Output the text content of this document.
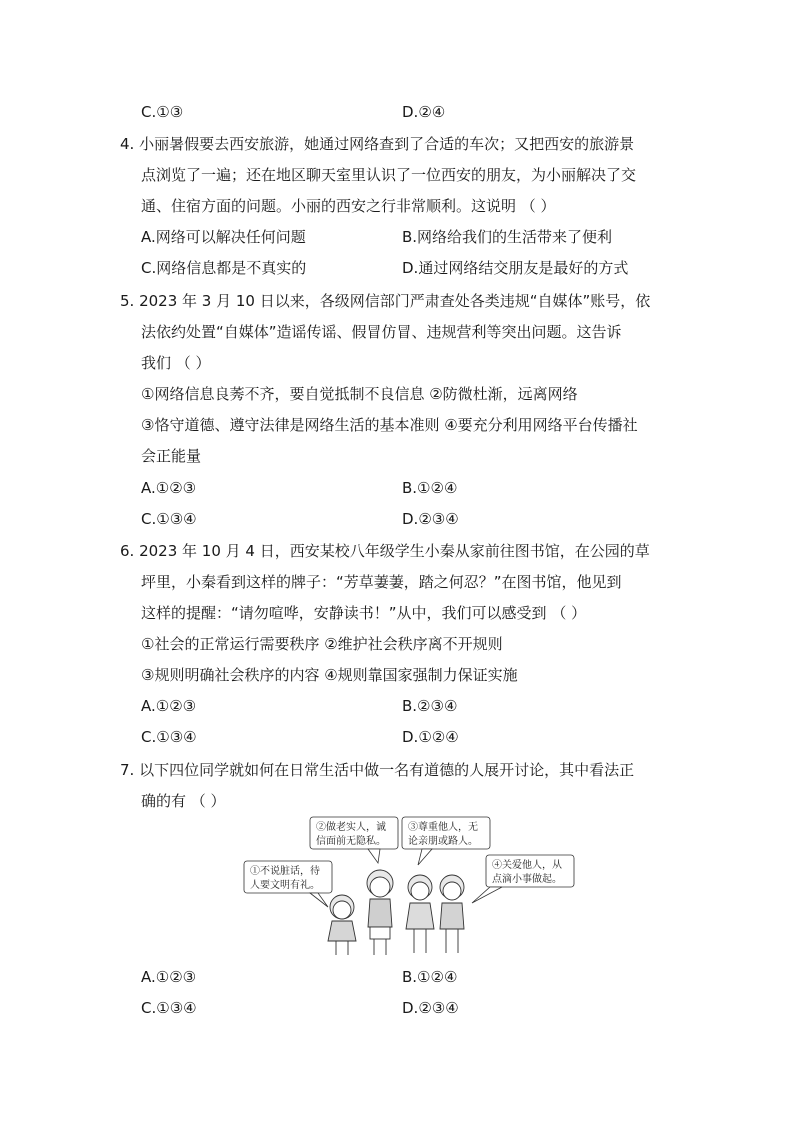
C.①③	D.②④
4. 小丽暑假要去西安旅游，她通过网络查到了合适的车次；又把西安的旅游景
点浏览了一遍；还在地区聊天室里认识了一位西安的朋友，为小丽解决了交
通、住宿方面的问题。小丽的西安之行非常顺利。这说明 （ ）
A.网络可以解决任何问题	B.网络给我们的生活带来了便利
C.网络信息都是不真实的	D.通过网络结交朋友是最好的方式
5. 2023 年 3 月 10 日以来，各级网信部门严肃查处各类违规“自媒体”账号，依
法依约处置“自媒体”造谣传谣、假冒仿冒、违规营利等突出问题。这告诉
我们 （ ）
①网络信息良莠不齐，要自觉抵制不良信息 ②防微杜渐，远离网络
③恪守道德、遵守法律是网络生活的基本准则 ④要充分利用网络平台传播社
会正能量
A.①②③	B.①②④
C.①③④	D.②③④
6. 2023 年 10 月 4 日，西安某校八年级学生小秦从家前往图书馆，在公园的草
坪里，小秦看到这样的牌子：“芳草萋萋，踏之何忍？”在图书馆，他见到
这样的提醒：“请勿喧哗，安静读书！”从中，我们可以感受到 （ ）
①社会的正常运行需要秩序 ②维护社会秩序离不开规则
③规则明确社会秩序的内容 ④规则靠国家强制力保证实施
A.①②③	B.②③④
C.①③④	D.①②④
7. 以下四位同学就如何在日常生活中做一名有道德的人展开讨论，其中看法正
确的有 （ ）
①不说脏话，待
人要文明有礼。
②做老实人，诚
信面前无隐私。
③尊重他人，无
论亲朋或路人。
④关爱他人，从
点滴小事做起。
A.①②③	B.①②④
C.①③④	D.②③④
